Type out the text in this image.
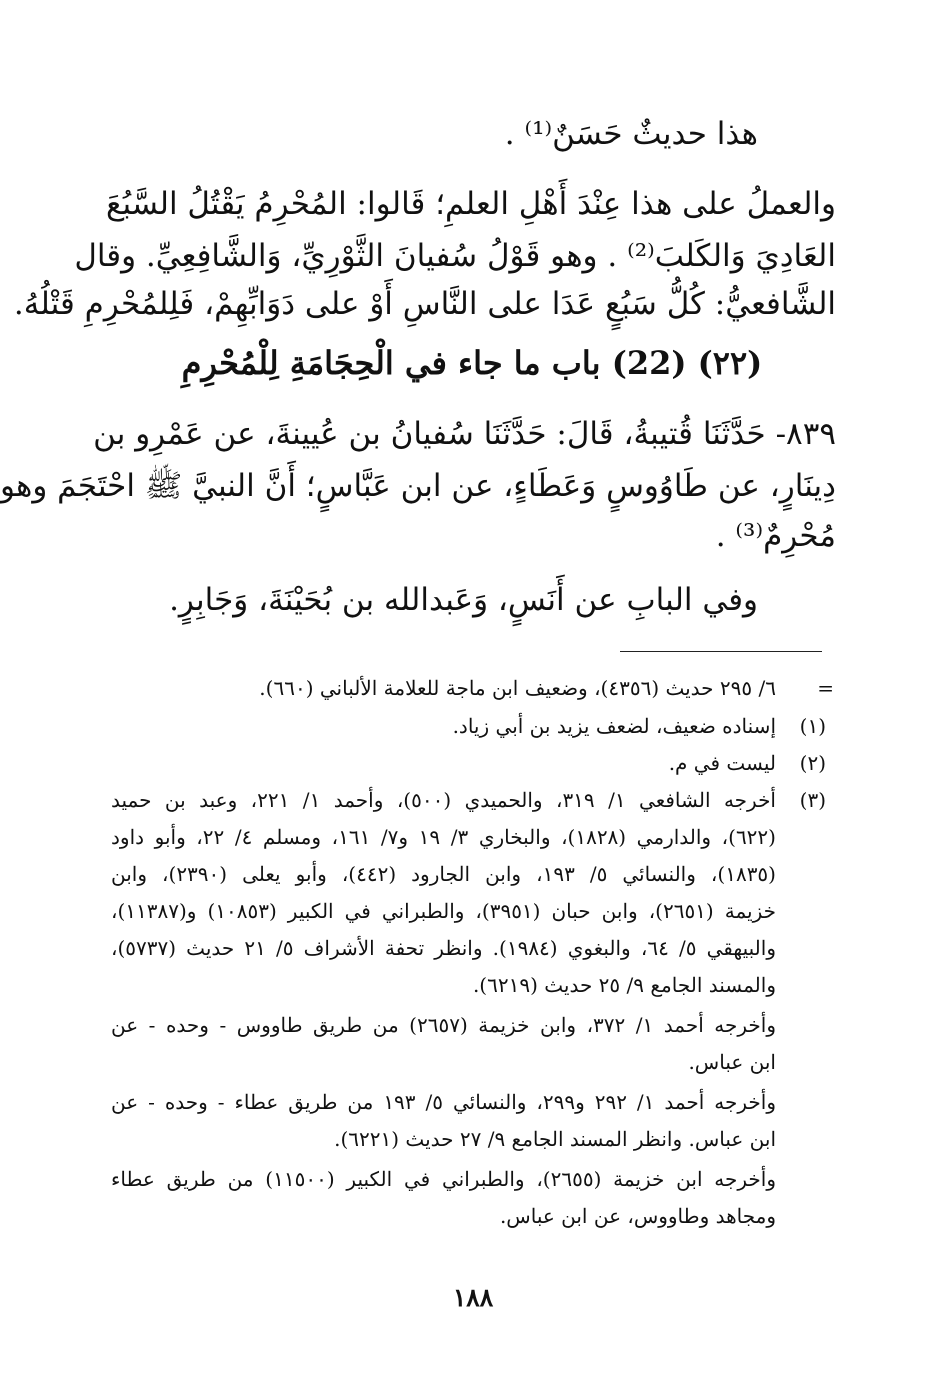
هذا حديثٌ حَسَنٌ⁽¹⁾ .
والعملُ على هذا عِنْدَ أَهْلِ العلمِ؛ قَالوا: المُحْرِمُ يَقْتُلُ السَّبُعَ
العَادِيَ وَالكَلبَ⁽²⁾ . وهو قَوْلُ سُفيانَ الثَّوْرِيِّ، وَالشَّافِعِيِّ. وقال
الشَّافعيُّ: كُلُّ سَبُعٍ عَدَا على النَّاسِ أَوْ على دَوَابِّهِمْ، فَلِلمُحْرِمِ قَتْلُهُ.
(٢٢) (22) باب ما جاء في الْحِجَامَةِ لِلْمُحْرِمِ
٨٣٩- حَدَّثَنَا قُتيبةُ، قَالَ: حَدَّثَنَا سُفيانُ بن عُيينةَ، عن عَمْرِو بن
دِينَارٍ، عن طَاوُوسٍ وَعَطَاءٍ، عن ابن عَبَّاسٍ؛ أَنَّ النبيَّ ﷺ احْتَجَمَ وهو
مُحْرِمٌ⁽³⁾ .
وفي البابِ عن أَنَسٍ، وَعَبدالله بن بُحَيْنَةَ، وَجَابِرٍ.
=
٦/ ٢٩٥ حديث (٤٣٥٦)، وضعيف ابن ماجة للعلامة الألباني (٦٦٠).
(١)
إسناده ضعيف، لضعف يزيد بن أبي زياد.
(٢)
ليست في م.
(٣)
أخرجه الشافعي ١/ ٣١٩، والحميدي (٥٠٠)، وأحمد ١/ ٢٢١، وعبد بن حميد
(٦٢٢)، والدارمي (١٨٢٨)، والبخاري ٣/ ١٩ و٧/ ١٦١، ومسلم ٤/ ٢٢، وأبو داود
(١٨٣٥)، والنسائي ٥/ ١٩٣، وابن الجارود (٤٤٢)، وأبو يعلى (٢٣٩٠)، وابن
خزيمة (٢٦٥١)، وابن حبان (٣٩٥١)، والطبراني في الكبير (١٠٨٥٣) و(١١٣٨٧)،
والبيهقي ٥/ ٦٤، والبغوي (١٩٨٤). وانظر تحفة الأشراف ٥/ ٢١ حديث (٥٧٣٧)،
والمسند الجامع ٩/ ٢٥ حديث (٦٢١٩).
وأخرجه أحمد ١/ ٣٧٢، وابن خزيمة (٢٦٥٧) من طريق طاووس - وحده - عن
ابن عباس.
وأخرجه أحمد ١/ ٢٩٢ و٢٩٩، والنسائي ٥/ ١٩٣ من طريق عطاء - وحده - عن
ابن عباس. وانظر المسند الجامع ٩/ ٢٧ حديث (٦٢٢١).
وأخرجه ابن خزيمة (٢٦٥٥)، والطبراني في الكبير (١١٥٠٠) من طريق عطاء
ومجاهد وطاووس، عن ابن عباس.
١٨٨
